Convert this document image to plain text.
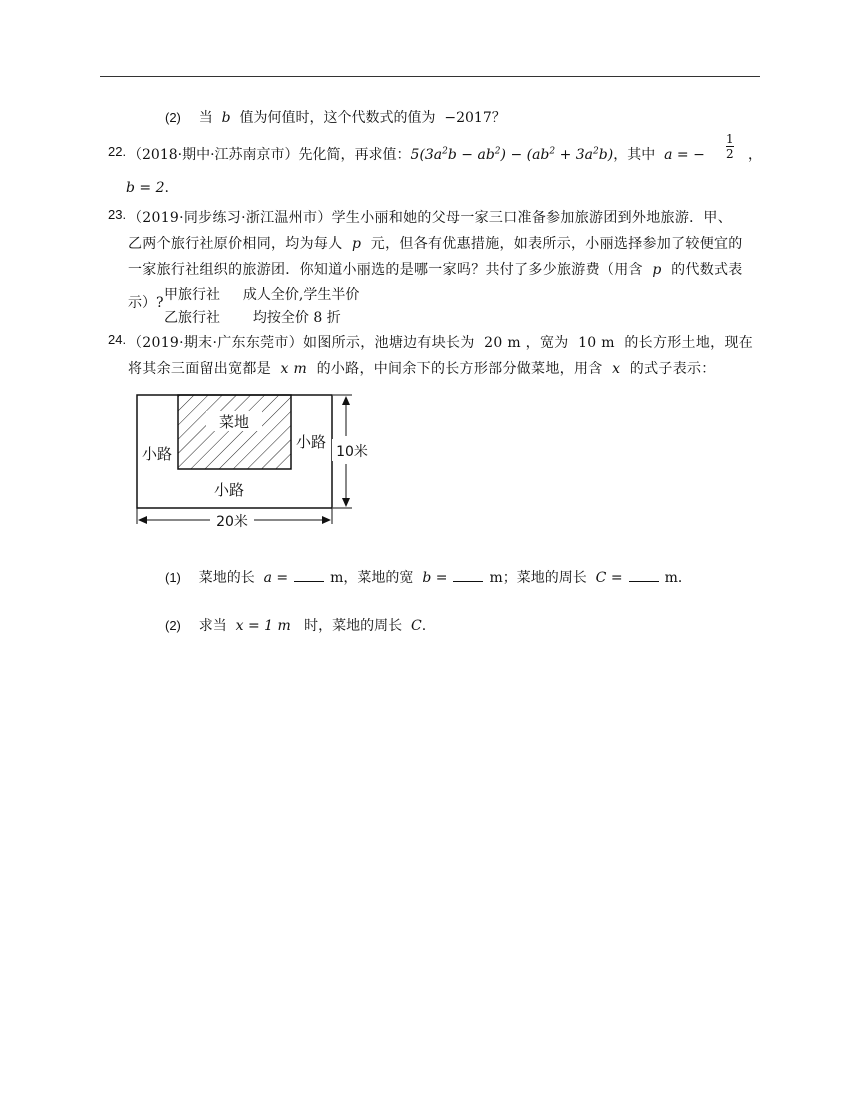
(2) 当 b 值为何值时，这个代数式的值为 −2017？
22. （2018·期中·江苏南京市）先化简，再求值：$5(3a^2b - ab^2) - (ab^2 + 3a^2b)$，其中 a = − $\frac{1}{2}$ ，
b = 2.
23. （2019·同步练习·浙江温州市）学生小丽和她的父母一家三口准备参加旅游团到外地旅游．甲、
乙两个旅行社原价相同，均为每人 p 元，但各有优惠措施，如表所示，小丽选择参加了较便宜的
一家旅行社组织的旅游团．你知道小丽选的是哪一家吗？共付了多少旅游费（用含 p 的代数式表
示）? 甲旅行社 成人全价,学生半价
乙旅行社 均按全价 8 折
24. （2019·期末·广东东莞市）如图所示，池塘边有块长为 20 m ，宽为 10 m 的长方形土地，现在
将其余三面留出宽都是 x m 的小路，中间余下的长方形部分做菜地，用含 x 的式子表示：
菜地
小路
小路
小路
10米
20米
(1) 菜地的长 a =	m，菜地的宽 b =	m；菜地的周长 C =	m．
(2) 求当 x = 1 m 时，菜地的周长 C.
